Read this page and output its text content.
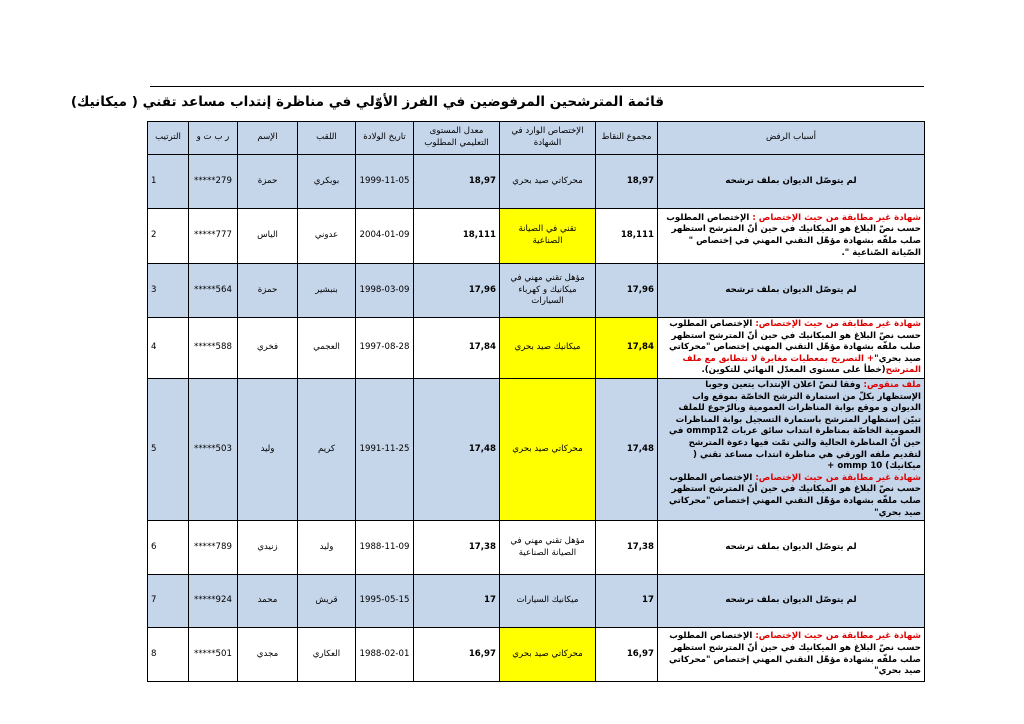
قائمة المترشحين المرفوضين في الفرز الأوّلي في مناظرة إنتداب مساعد تقني ( ميكانيك)
الترتيب	ر ب ت و	الإسم	اللقب	تاريخ الولادة	معدل المستوى التعليمي المطلوب	الإختصاص الوارد في الشهادة	مجموع النقاط	أسباب الرفض
1	*****279	حمزة	بوبكري	1999-11-05	18,97	محركاتي صيد بحري	18,97	لم يتوصّل الديوان بملف ترشحه
2	*****777	الياس	عدوني	2004-01-09	18,111	تقني في الصيانة الصناعية	18,111	شهادة غير مطابقة من حيث الإختصاص : الإختصاص المطلوب حسب نصّ البلاغ هو الميكانيك في حين أنّ المترشح استظهر صلب ملفّه بشهادة مؤهّل التقني المهني في إختصاص " الصّيانة الصّناعية ".
3	*****564	حمزة	بنبشير	1998-03-09	17,96	مؤهل تقني مهني في ميكانيك و كهرباء السيارات	17,96	لم يتوصّل الديوان بملف ترشحه
4	*****588	فخري	العجمي	1997-08-28	17,84	ميكانيك صيد بحري	17,84	شهادة غير مطابقة من حيث الإختصاص: الإختصاص المطلوب حسب نصّ البلاغ هو الميكانيك في حين أنّ المترشح استظهر صلب ملفّه بشهادة مؤهّل التقني المهني إختصاص "محركاتي صيد بحري"+ التصريح بمعطيات مغايرة لا تتطابق مع ملف المترشح(خطأ على مستوى المعدّل النهائي للتكوين).
5	*****503	وليد	كريم	1991-11-25	17,48	محركاتي صيد بحري	17,48	ملف منقوص: وفقا لنصّ اعلان الإنتداب يتعين وجوبا الإستظهار بكلّ من استمارة الترشح الخاصّة بموقع واب الديوان و موقع بوابة المناظرات العمومية وبالرّجوع للملف تبيّن إستظهار المترشح باستمارة التسجيل بوابة المناظرات العمومية الخاصّة بمناظرة انتداب سائق عربات ommp12 في حين أنّ المناظرة الحالية والتي تمّت فيها دعوة المترشح لتقديم ملفه الورقي هي مناظرة انتداب مساعد تقني ( ميكانيك) ommp 10 +
شهادة غير مطابقة من حيث الإختصاص: الإختصاص المطلوب حسب نصّ البلاغ هو الميكانيك في حين أنّ المترشح استظهر صلب ملفّه بشهادة مؤهّل التقني المهني إختصاص "محركاتي صيد بحري"
6	*****789	زنيدي	وليد	1988-11-09	17,38	مؤهل تقني مهني في الصيانة الصناعية	17,38	لم يتوصّل الديوان بملف ترشحه
7	*****924	محمد	قريش	1995-05-15	17	ميكانيك السيارات	17	لم يتوصّل الديوان بملف ترشحه
8	*****501	مجدي	العكاري	1988-02-01	16,97	محركاتي صيد بحري	16,97	شهادة غير مطابقة من حيث الإختصاص: الإختصاص المطلوب حسب نصّ البلاغ هو الميكانيك في حين أنّ المترشح استظهر صلب ملفّه بشهادة مؤهّل التقني المهني إختصاص "محركاتي صيد بحري"
